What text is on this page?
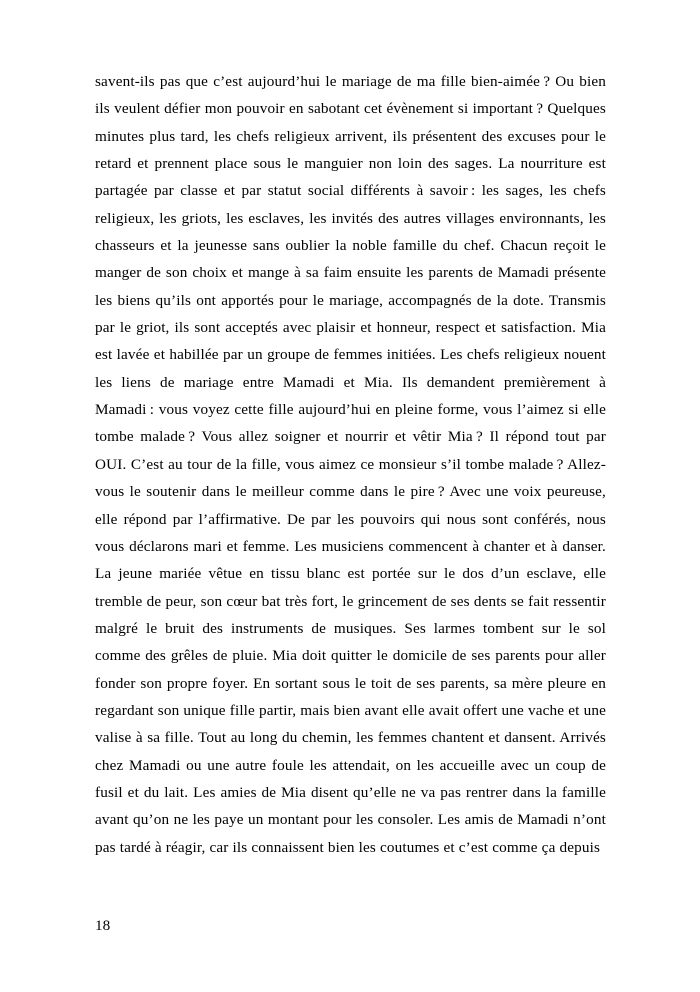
savent-ils pas que c’est aujourd’hui le mariage de ma fille bien-aimée ? Ou bien ils veulent défier mon pouvoir en sabotant cet évènement si important ? Quelques minutes plus tard, les chefs religieux arrivent, ils présentent des excuses pour le retard et prennent place sous le manguier non loin des sages. La nourriture est partagée par classe et par statut social différents à savoir : les sages, les chefs religieux, les griots, les esclaves, les invités des autres villages environnants, les chasseurs et la jeunesse sans oublier la noble famille du chef. Chacun reçoit le manger de son choix et mange à sa faim ensuite les parents de Mamadi présente les biens qu’ils ont apportés pour le mariage, accompagnés de la dote. Transmis par le griot, ils sont acceptés avec plaisir et honneur, respect et satisfaction. Mia est lavée et habillée par un groupe de femmes initiées. Les chefs religieux nouent les liens de mariage entre Mamadi et Mia. Ils demandent premièrement à Mamadi : vous voyez cette fille aujourd’hui en pleine forme, vous l’aimez si elle tombe malade ? Vous allez soigner et nourrir et vêtir Mia ? Il répond tout par OUI. C’est au tour de la fille, vous aimez ce monsieur s’il tombe malade ? Allez-vous le soutenir dans le meilleur comme dans le pire ? Avec une voix peureuse, elle répond par l’affirmative. De par les pouvoirs qui nous sont conférés, nous vous déclarons mari et femme. Les musiciens commencent à chanter et à danser. La jeune mariée vêtue en tissu blanc est portée sur le dos d’un esclave, elle tremble de peur, son cœur bat très fort, le grincement de ses dents se fait ressentir malgré le bruit des instruments de musiques. Ses larmes tombent sur le sol comme des grêles de pluie. Mia doit quitter le domicile de ses parents pour aller fonder son propre foyer. En sortant sous le toit de ses parents, sa mère pleure en regardant son unique fille partir, mais bien avant elle avait offert une vache et une valise à sa fille. Tout au long du chemin, les femmes chantent et dansent. Arrivés chez Mamadi ou une autre foule les attendait, on les accueille avec un coup de fusil et du lait. Les amies de Mia disent qu’elle ne va pas rentrer dans la famille avant qu’on ne les paye un montant pour les consoler. Les amis de Mamadi n’ont pas tardé à réagir, car ils connaissent bien les coutumes et c’est comme ça depuis

18
